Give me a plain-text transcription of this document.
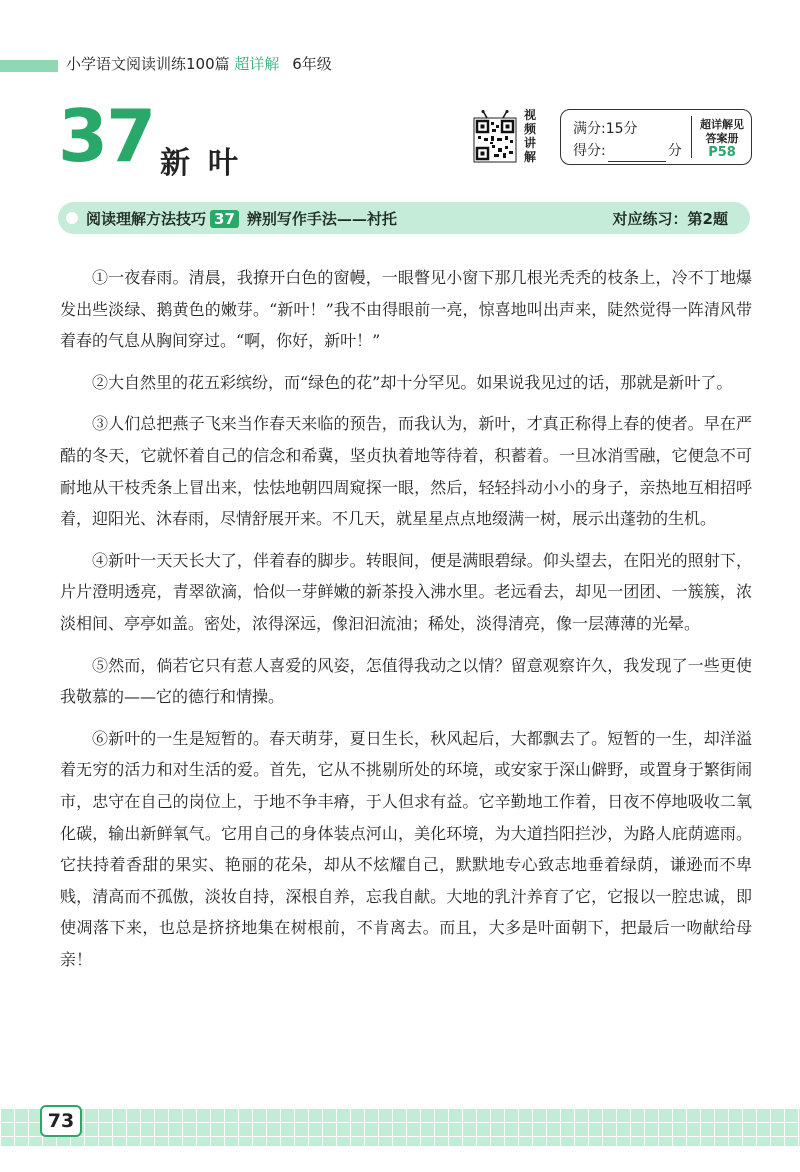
小学语文阅读训练100篇 超详解 6年级
37 新叶
视频讲解
满分:15分
得分:	分
超详解见
答案册
P58
阅读理解方法技巧 37 辨别写作手法——衬托	对应练习：第2题

①一夜春雨。清晨，我撩开白色的窗幔，一眼瞥见小窗下那几根光秃秃的枝条上，冷不丁地爆发出些淡绿、鹅黄色的嫩芽。“新叶！”我不由得眼前一亮，惊喜地叫出声来，陡然觉得一阵清风带着春的气息从胸间穿过。“啊，你好，新叶！”

②大自然里的花五彩缤纷，而“绿色的花”却十分罕见。如果说我见过的话，那就是新叶了。

③人们总把燕子飞来当作春天来临的预告，而我认为，新叶，才真正称得上春的使者。早在严酷的冬天，它就怀着自己的信念和希冀，坚贞执着地等待着，积蓄着。一旦冰消雪融，它便急不可耐地从干枝秃条上冒出来，怯怯地朝四周窥探一眼，然后，轻轻抖动小小的身子，亲热地互相招呼着，迎阳光、沐春雨，尽情舒展开来。不几天，就星星点点地缀满一树，展示出蓬勃的生机。

④新叶一天天长大了，伴着春的脚步。转眼间，便是满眼碧绿。仰头望去，在阳光的照射下，片片澄明透亮，青翠欲滴，恰似一芽鲜嫩的新茶投入沸水里。老远看去，却见一团团、一簇簇，浓淡相间、亭亭如盖。密处，浓得深远，像汩汩流油；稀处，淡得清亮，像一层薄薄的光晕。

⑤然而，倘若它只有惹人喜爱的风姿，怎值得我动之以情？留意观察许久，我发现了一些更使我敬慕的——它的德行和情操。

⑥新叶的一生是短暂的。春天萌芽，夏日生长，秋风起后，大都飘去了。短暂的一生，却洋溢着无穷的活力和对生活的爱。首先，它从不挑剔所处的环境，或安家于深山僻野，或置身于繁街闹市，忠守在自己的岗位上，于地不争丰瘠，于人但求有益。它辛勤地工作着，日夜不停地吸收二氧化碳，输出新鲜氧气。它用自己的身体装点河山，美化环境，为大道挡阳拦沙，为路人庇荫遮雨。它扶持着香甜的果实、艳丽的花朵，却从不炫耀自己，默默地专心致志地垂着绿荫，谦逊而不卑贱，清高而不孤傲，淡妆自持，深根自养，忘我自献。大地的乳汁养育了它，它报以一腔忠诚，即使凋落下来，也总是挤挤地集在树根前，不肯离去。而且，大多是叶面朝下，把最后一吻献给母亲！

73
